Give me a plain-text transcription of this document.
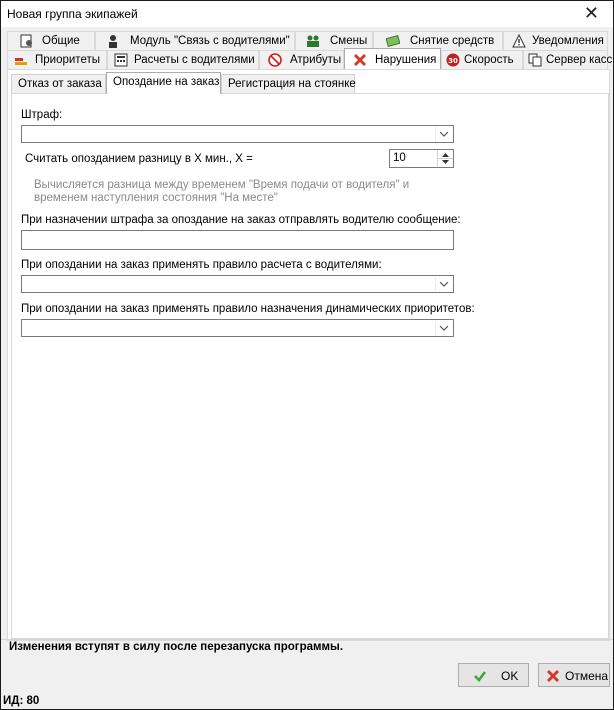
Новая группа экипажей	✕
Общие	Модуль "Связь с водителями"	Смены	Снятие средств	Уведомления
Приоритеты	Расчеты с водителями	Атрибуты	Нарушения 30 Скорость	Сервер касс
Отказ от заказа Опоздание на заказ Регистрация на стоянке
Штраф:
Считать опозданием разницу в Х мин., Х =	10
Вычисляется разница между временем "Время подачи от водителя" и временем наступления состояния "На месте"
При назначении штрафа за опоздание на заказ отправлять водителю сообщение:
При опоздании на заказ применять правило расчета с водителями:
При опоздании на заказ применять правило назначения динамических приоритетов:
Изменения вступят в силу после перезапуска программы.
OK	Отмена
ИД: 80
